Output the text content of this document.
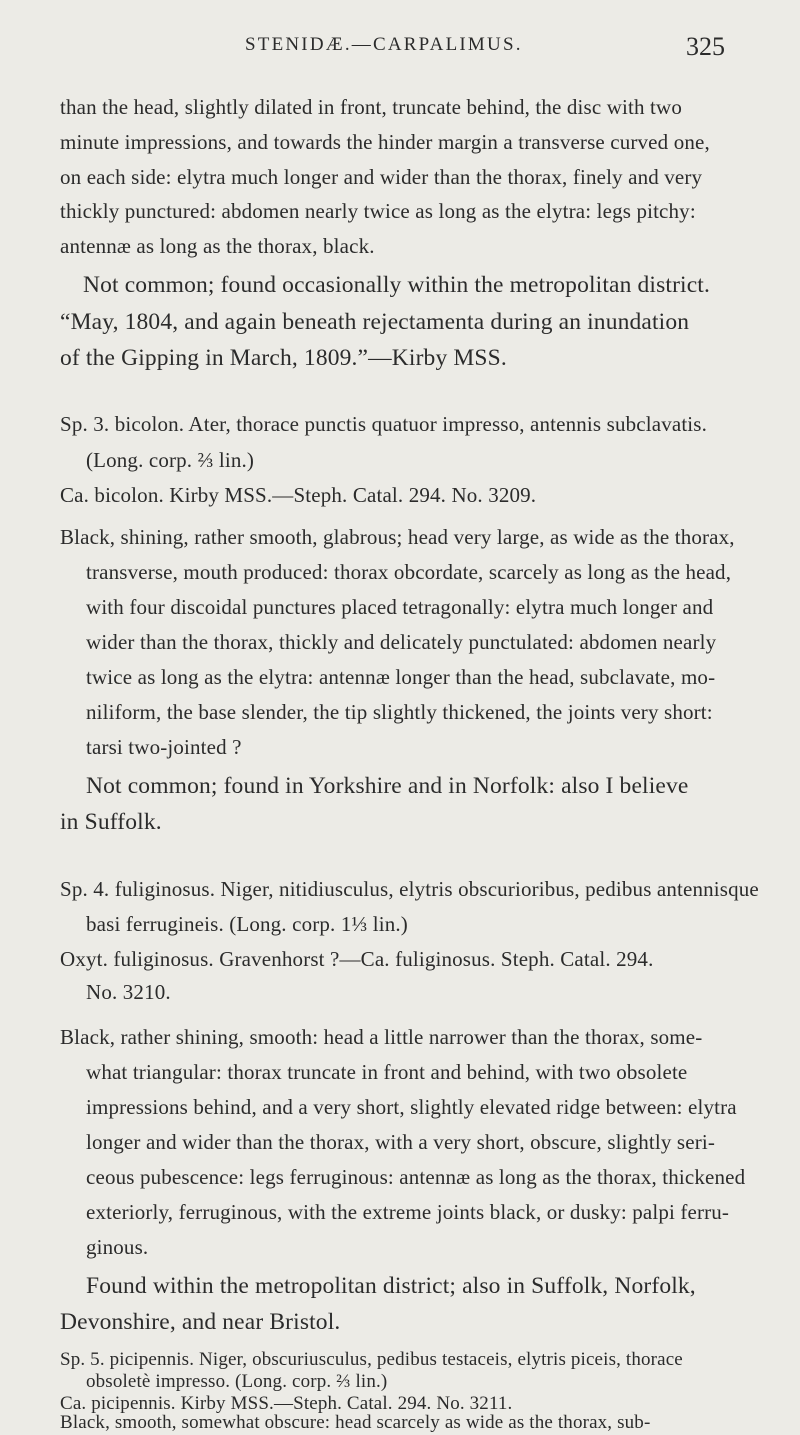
STENIDÆ.—CARPALIMUS.	325
than the head, slightly dilated in front, truncate behind, the disc with two
minute impressions, and towards the hinder margin a transverse curved one,
on each side: elytra much longer and wider than the thorax, finely and very
thickly punctured: abdomen nearly twice as long as the elytra: legs pitchy:
antennæ as long as the thorax, black.
Not common; found occasionally within the metropolitan district.
“May, 1804, and again beneath rejectamenta during an inundation
of the Gipping in March, 1809.”—Kirby MSS.
Sp. 3. bicolon. Ater, thorace punctis quatuor impresso, antennis subclavatis.
(Long. corp. ⅔ lin.)
Ca. bicolon. Kirby MSS.—Steph. Catal. 294. No. 3209.
Black, shining, rather smooth, glabrous; head very large, as wide as the thorax,
transverse, mouth produced: thorax obcordate, scarcely as long as the head,
with four discoidal punctures placed tetragonally: elytra much longer and
wider than the thorax, thickly and delicately punctulated: abdomen nearly
twice as long as the elytra: antennæ longer than the head, subclavate, mo-
niliform, the base slender, the tip slightly thickened, the joints very short:
tarsi two-jointed ?
Not common; found in Yorkshire and in Norfolk: also I believe
in Suffolk.
Sp. 4. fuliginosus. Niger, nitidiusculus, elytris obscurioribus, pedibus antennisque
basi ferrugineis. (Long. corp. 1⅓ lin.)
Oxyt. fuliginosus. Gravenhorst ?—Ca. fuliginosus. Steph. Catal. 294.
No. 3210.
Black, rather shining, smooth: head a little narrower than the thorax, some-
what triangular: thorax truncate in front and behind, with two obsolete
impressions behind, and a very short, slightly elevated ridge between: elytra
longer and wider than the thorax, with a very short, obscure, slightly seri-
ceous pubescence: legs ferruginous: antennæ as long as the thorax, thickened
exteriorly, ferruginous, with the extreme joints black, or dusky: palpi ferru-
ginous.
Found within the metropolitan district; also in Suffolk, Norfolk,
Devonshire, and near Bristol.
Sp. 5. picipennis. Niger, obscuriusculus, pedibus testaceis, elytris piceis, thorace
obsoletè impresso. (Long. corp. ⅔ lin.)
Ca. picipennis. Kirby MSS.—Steph. Catal. 294. No. 3211.
Black, smooth, somewhat obscure: head scarcely as wide as the thorax, sub-
